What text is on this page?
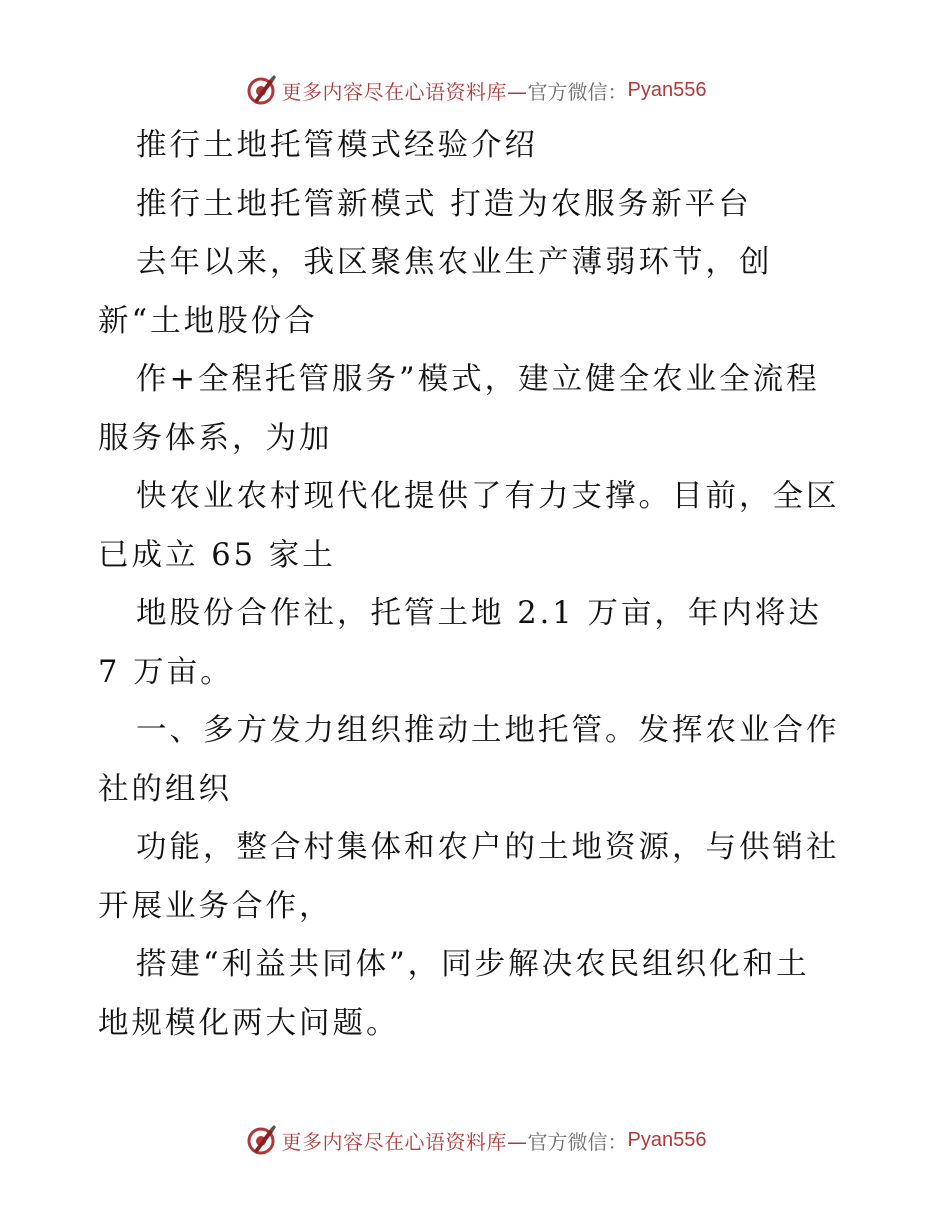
更多内容尽在心语资料库— 官方微信： Pyan556

推行土地托管模式经验介绍

推行土地托管新模式 打造为农服务新平台

去年以来，我区聚焦农业生产薄弱环节，创

新“土地股份合

作+全程托管服务”模式，建立健全农业全流程

服务体系，为加

快农业农村现代化提供了有力支撑。目前，全区

已成立 65 家土

地股份合作社，托管土地 2.1 万亩，年内将达

7 万亩。

一、多方发力组织推动土地托管。发挥农业合作

社的组织

功能，整合村集体和农户的土地资源，与供销社

开展业务合作，

搭建“利益共同体”，同步解决农民组织化和土

地规模化两大问题。

更多内容尽在心语资料库— 官方微信： Pyan556
